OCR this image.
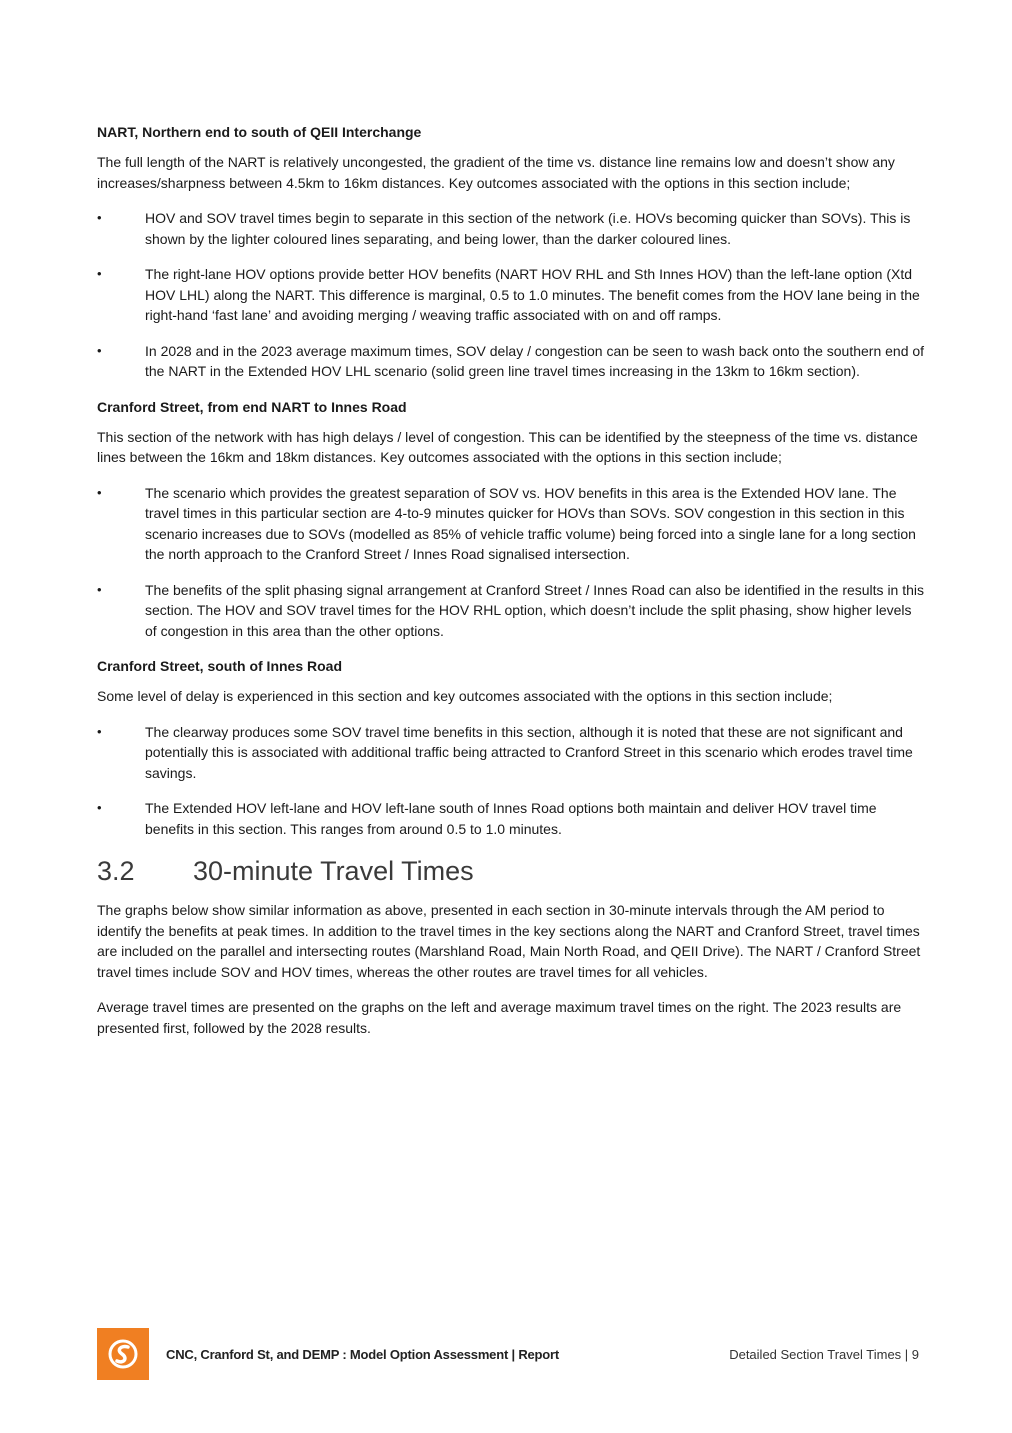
NART, Northern end to south of QEII Interchange

The full length of the NART is relatively uncongested, the gradient of the time vs. distance line remains low and doesn’t show any increases/sharpness between 4.5km to 16km distances. Key outcomes associated with the options in this section include;

•	HOV and SOV travel times begin to separate in this section of the network (i.e. HOVs becoming quicker than SOVs). This is shown by the lighter coloured lines separating, and being lower, than the darker coloured lines.
•	The right-lane HOV options provide better HOV benefits (NART HOV RHL and Sth Innes HOV) than the left-lane option (Xtd HOV LHL) along the NART. This difference is marginal, 0.5 to 1.0 minutes. The benefit comes from the HOV lane being in the right-hand ‘fast lane’ and avoiding merging / weaving traffic associated with on and off ramps.
•	In 2028 and in the 2023 average maximum times, SOV delay / congestion can be seen to wash back onto the southern end of the NART in the Extended HOV LHL scenario (solid green line travel times increasing in the 13km to 16km section).
Cranford Street, from end NART to Innes Road

This section of the network with has high delays / level of congestion. This can be identified by the steepness of the time vs. distance lines between the 16km and 18km distances. Key outcomes associated with the options in this section include;

•	The scenario which provides the greatest separation of SOV vs. HOV benefits in this area is the Extended HOV lane. The travel times in this particular section are 4-to-9 minutes quicker for HOVs than SOVs. SOV congestion in this section in this scenario increases due to SOVs (modelled as 85% of vehicle traffic volume) being forced into a single lane for a long section the north approach to the Cranford Street / Innes Road signalised intersection.
•	The benefits of the split phasing signal arrangement at Cranford Street / Innes Road can also be identified in the results in this section. The HOV and SOV travel times for the HOV RHL option, which doesn’t include the split phasing, show higher levels of congestion in this area than the other options.
Cranford Street, south of Innes Road

Some level of delay is experienced in this section and key outcomes associated with the options in this section include;

•	The clearway produces some SOV travel time benefits in this section, although it is noted that these are not significant and potentially this is associated with additional traffic being attracted to Cranford Street in this scenario which erodes travel time savings.
•	The Extended HOV left-lane and HOV left-lane south of Innes Road options both maintain and deliver HOV travel time benefits in this section. This ranges from around 0.5 to 1.0 minutes.
3.2	30-minute Travel Times

The graphs below show similar information as above, presented in each section in 30-minute intervals through the AM period to identify the benefits at peak times. In addition to the travel times in the key sections along the NART and Cranford Street, travel times are included on the parallel and intersecting routes (Marshland Road, Main North Road, and QEII Drive). The NART / Cranford Street travel times include SOV and HOV times, whereas the other routes are travel times for all vehicles.

Average travel times are presented on the graphs on the left and average maximum travel times on the right. The 2023 results are presented first, followed by the 2028 results.

CNC, Cranford St, and DEMP : Model Option Assessment | Report	Detailed Section Travel Times | 9
